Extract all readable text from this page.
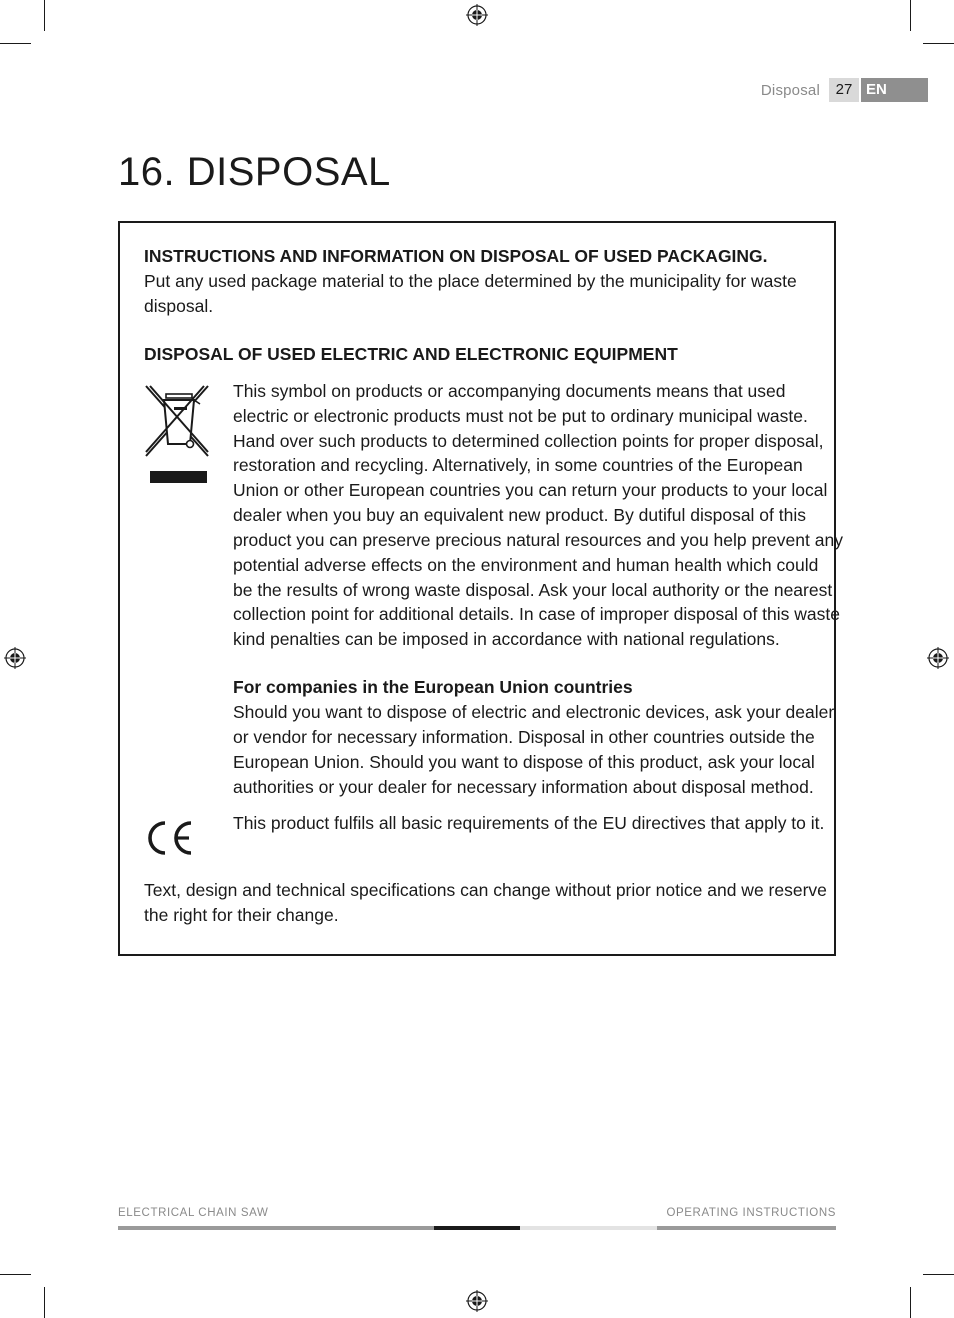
Disposal	27 EN
16. DISPOSAL
INSTRUCTIONS AND INFORMATION ON DISPOSAL OF USED PACKAGING.
Put any used package material to the place determined by the municipality for waste
disposal.
DISPOSAL OF USED ELECTRIC AND ELECTRONIC EQUIPMENT
This symbol on products or accompanying documents means that used
electric or electronic products must not be put to ordinary municipal waste.
Hand over such products to determined collection points for proper disposal,
restoration and recycling. Alternatively, in some countries of the European
Union or other European countries you can return your products to your local
dealer when you buy an equivalent new product. By dutiful disposal of this
product you can preserve precious natural resources and you help prevent any
potential adverse effects on the environment and human health which could
be the results of wrong waste disposal. Ask your local authority or the nearest
collection point for additional details. In case of improper disposal of this waste
kind penalties can be imposed in accordance with national regulations.
For companies in the European Union countries
Should you want to dispose of electric and electronic devices, ask your dealer
or vendor for necessary information. Disposal in other countries outside the
European Union. Should you want to dispose of this product, ask your local
authorities or your dealer for necessary information about disposal method.
This product fulfils all basic requirements of the EU directives that apply to it.
Text, design and technical specifications can change without prior notice and we reserve
the right for their change.
ELECTRICAL CHAIN SAW	OPERATING INSTRUCTIONS
